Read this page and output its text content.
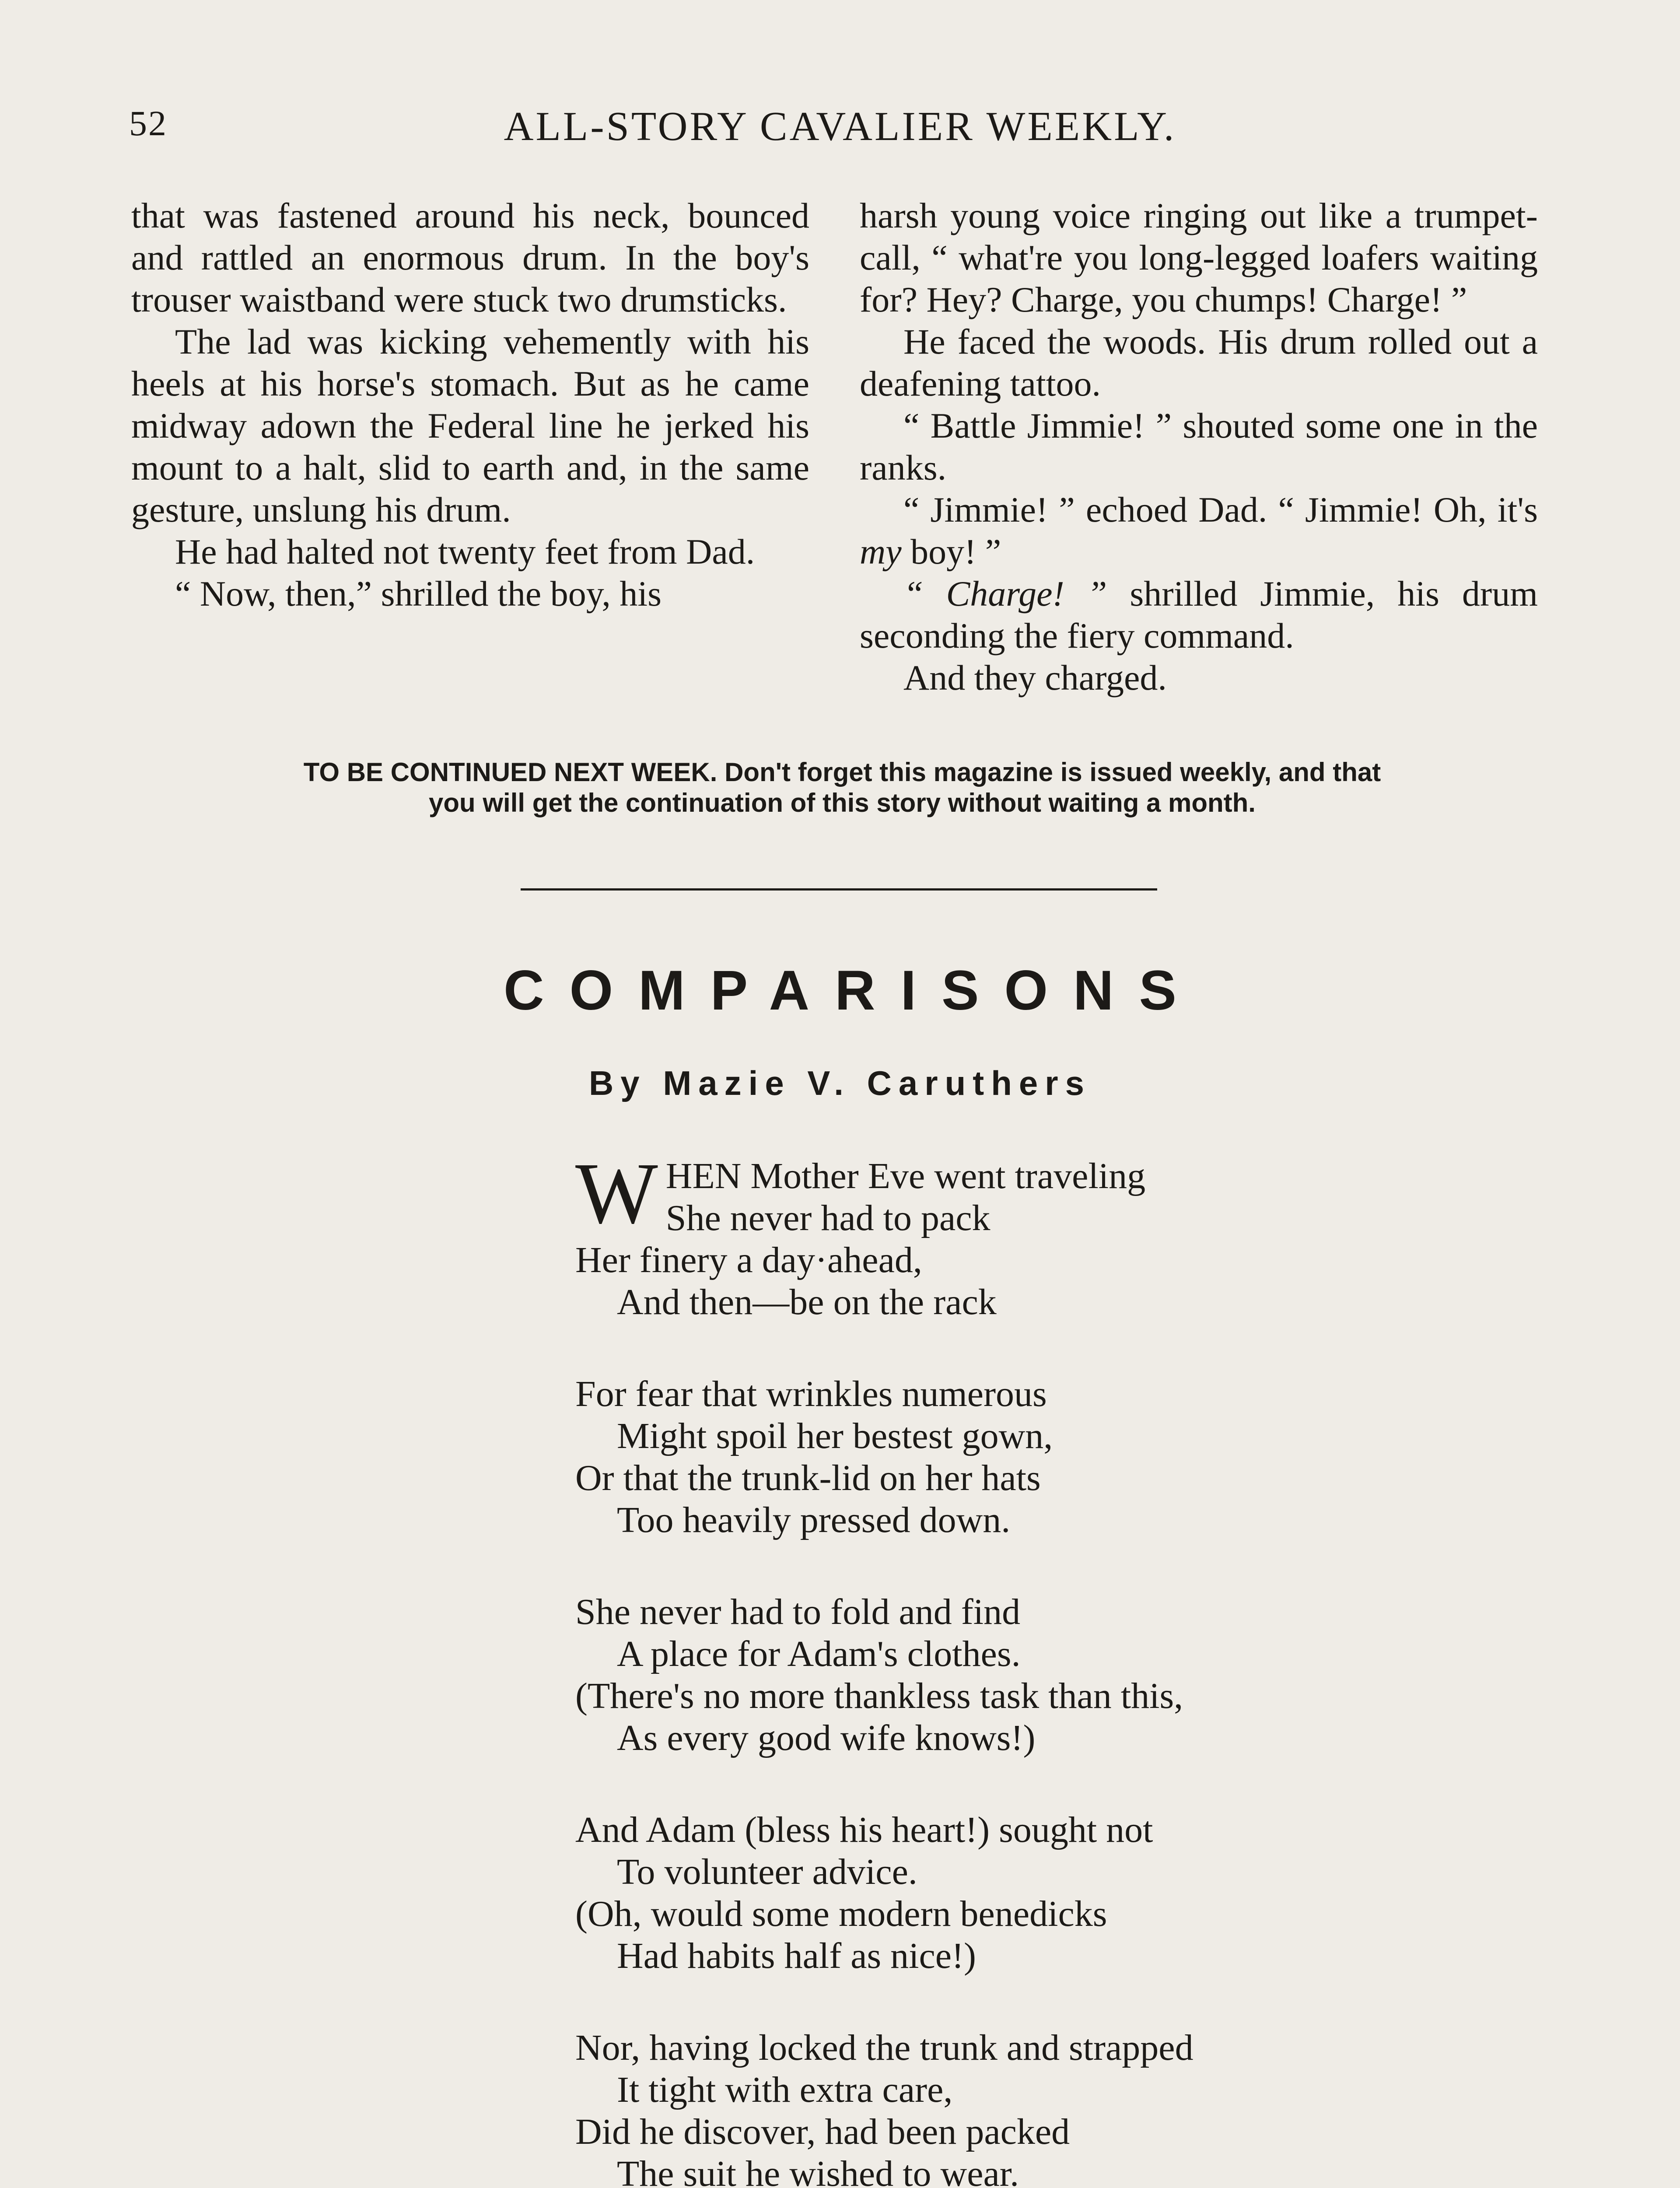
52	ALL-STORY CAVALIER WEEKLY.

that was fastened around his neck, bounced and rattled an enormous drum. In the boy's trouser waistband were stuck two drumsticks.

The lad was kicking vehemently with his heels at his horse's stomach. But as he came midway adown the Federal line he jerked his mount to a halt, slid to earth and, in the same gesture, unslung his drum.

He had halted not twenty feet from Dad.

“ Now, then,” shrilled the boy, his

harsh young voice ringing out like a trumpet-call, “ what're you long-legged loafers waiting for? Hey? Charge, you chumps! Charge! ”

He faced the woods. His drum rolled out a deafening tattoo.

“ Battle Jimmie! ” shouted some one in the ranks.

“ Jimmie! ” echoed Dad. “ Jimmie! Oh, it's my boy! ”

“ Charge! ” shrilled Jimmie, his drum seconding the fiery command.

And they charged.

TO BE CONTINUED NEXT WEEK. Don't forget this magazine is issued weekly, and that
you will get the continuation of this story without waiting a month.
COMPARISONS
By Mazie V. Caruthers
W HEN Mother Eve went traveling
She never had to pack
Her finery a day·ahead,
And then—be on the rack
For fear that wrinkles numerous
Might spoil her bestest gown,
Or that the trunk-lid on her hats
Too heavily pressed down.
She never had to fold and find
A place for Adam's clothes.
(There's no more thankless task than this,
As every good wife knows!)
And Adam (bless his heart!) sought not
To volunteer advice.
(Oh, would some modern benedicks
Had habits half as nice!)
Nor, having locked the trunk and strapped
It tight with extra care,
Did he discover, had been packed
The suit he wished to wear.
